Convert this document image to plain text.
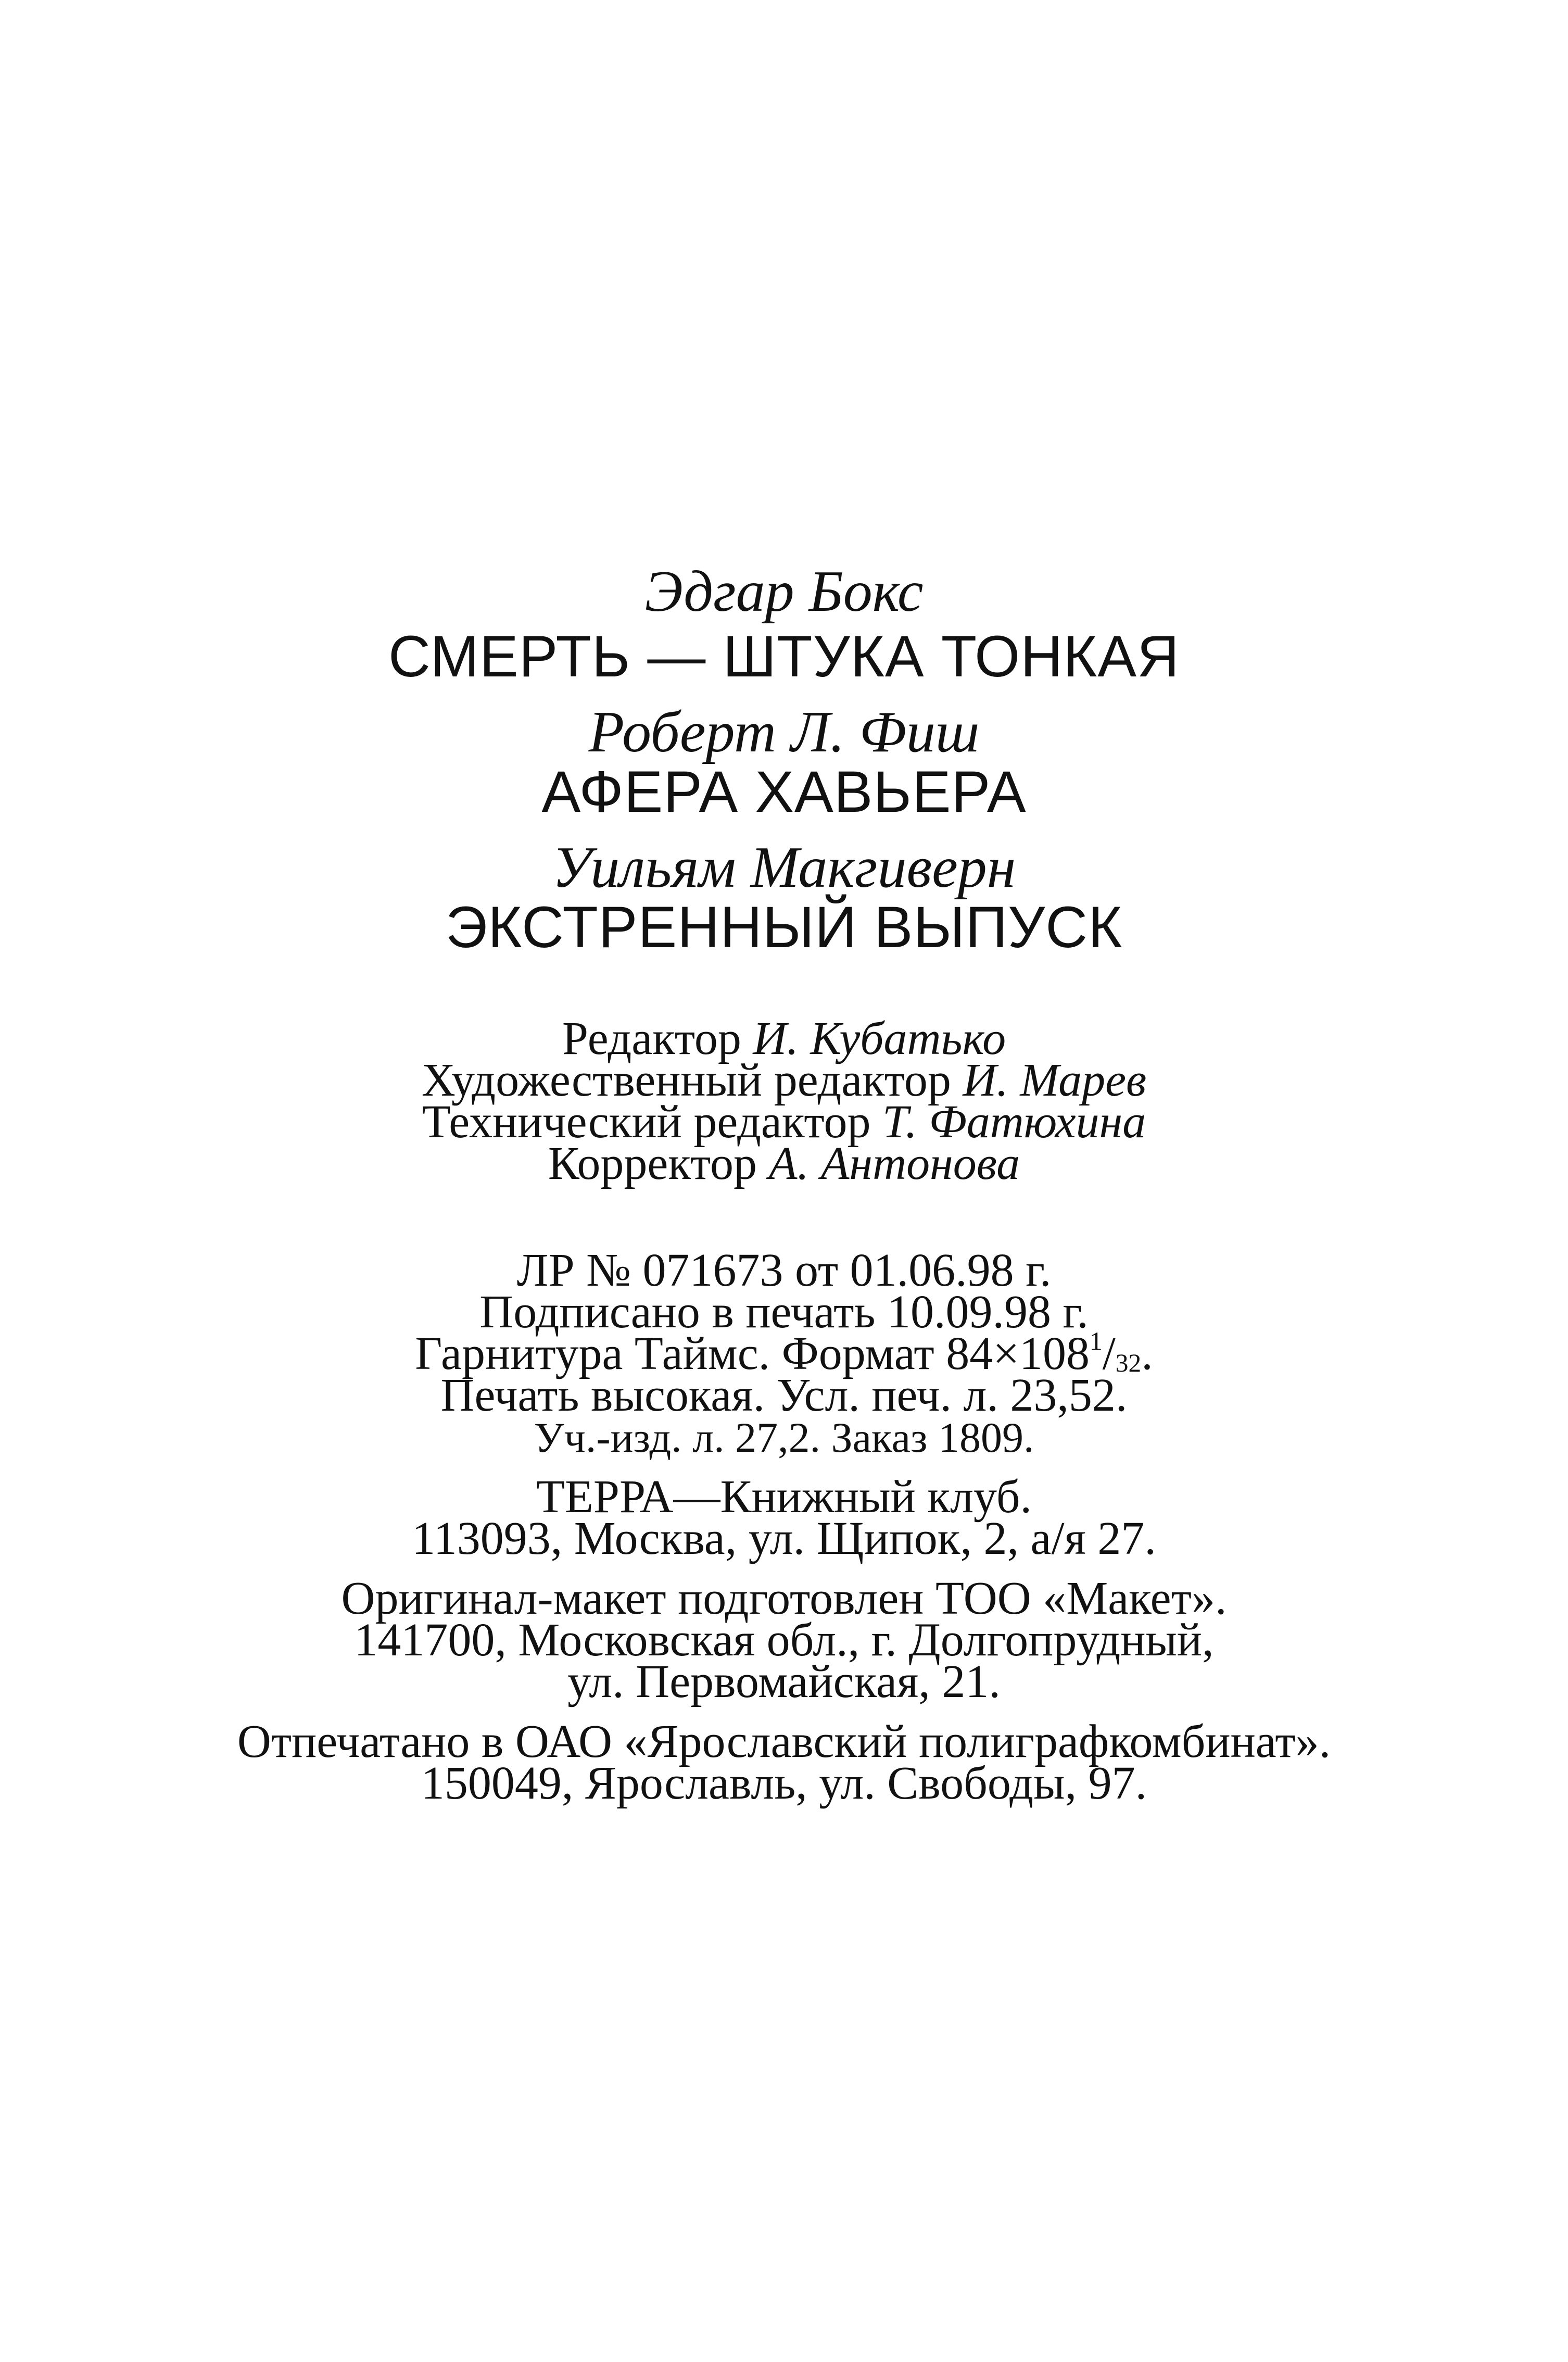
Эдгар Бокс
СМЕРТЬ — ШТУКА ТОНКАЯ
Роберт Л. Фиш
АФЕРА ХАВЬЕРА
Уильям Макгиверн
ЭКСТРЕННЫЙ ВЫПУСК
Редактор И. Кубатько
Художественный редактор И. Марев
Технический редактор Т. Фатюхина
Корректор А. Антонова
ЛР № 071673 от 01.06.98 г.
Подписано в печать 10.09.98 г.
Гарнитура Таймс. Формат $84\times 108^1/_{32}$.
Печать высокая. Усл. печ. л. 23,52.
Уч.-изд. л. 27,2. Заказ 1809.
ТЕРРА—Книжный клуб.
113093, Москва, ул. Щипок, 2, а/я 27.
Оригинал-макет подготовлен ТОО «Макет».
141700, Московская обл., г. Долгопрудный,
ул. Первомайская, 21.
Отпечатано в ОАО «Ярославский полиграфкомбинат».
150049, Ярославль, ул. Свободы, 97.
